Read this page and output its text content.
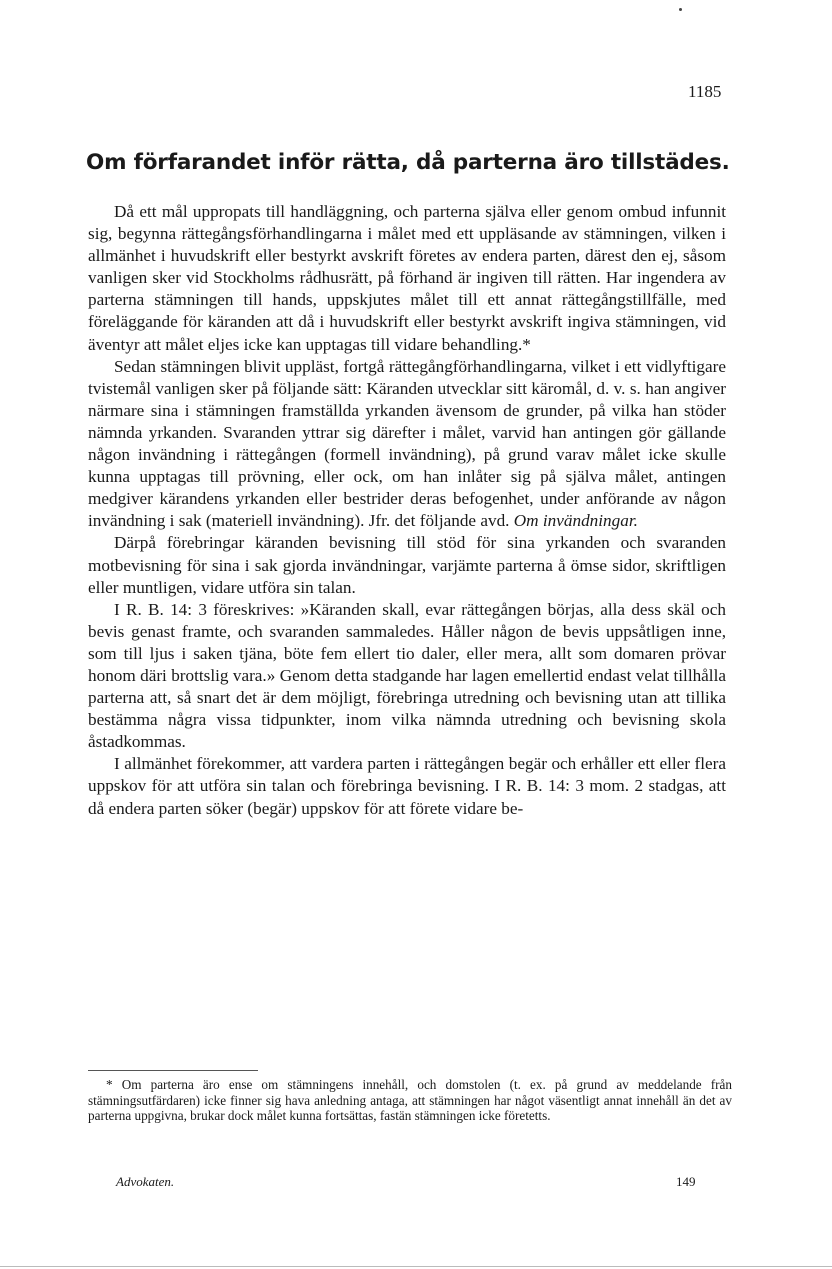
1185
Om förfarandet inför rätta, då parterna äro tillstädes.

Då ett mål uppropats till handläggning, och parterna själva eller genom ombud infunnit sig, begynna rättegångsförhandlingarna i målet med ett uppläsande av stämningen, vilken i allmänhet i huvudskrift eller bestyrkt avskrift företes av endera parten, därest den ej, såsom vanligen sker vid Stockholms rådhusrätt, på förhand är ingiven till rätten. Har ingendera av parterna stämningen till hands, uppskjutes målet till ett annat rättegångstillfälle, med föreläggande för käranden att då i huvudskrift eller bestyrkt avskrift ingiva stämningen, vid äventyr att målet eljes icke kan upptagas till vidare behandling.*

Sedan stämningen blivit uppläst, fortgå rättegångförhandlingarna, vilket i ett vidlyftigare tvistemål vanligen sker på följande sätt: Käranden utvecklar sitt käromål, d. v. s. han angiver närmare sina i stämningen framställda yrkanden ävensom de grunder, på vilka han stöder nämnda yrkanden. Svaranden yttrar sig därefter i målet, varvid han antingen gör gällande någon invändning i rättegången (formell invändning), på grund varav målet icke skulle kunna upptagas till prövning, eller ock, om han inlåter sig på själva målet, antingen medgiver kärandens yrkanden eller bestrider deras befogenhet, under anförande av någon invändning i sak (materiell invändning). Jfr. det följande avd. Om invändningar.

Därpå förebringar käranden bevisning till stöd för sina yrkanden och svaranden motbevisning för sina i sak gjorda invändningar, varjämte parterna å ömse sidor, skriftligen eller muntligen, vidare utföra sin talan.

I R. B. 14: 3 föreskrives: »Käranden skall, evar rättegången börjas, alla dess skäl och bevis genast framte, och svaranden sammaledes. Håller någon de bevis uppsåtligen inne, som till ljus i saken tjäna, böte fem ellert tio daler, eller mera, allt som domaren prövar honom däri brottslig vara.» Genom detta stadgande har lagen emellertid endast velat tillhålla parterna att, så snart det är dem möjligt, förebringa utredning och bevisning utan att tillika bestämma några vissa tidpunkter, inom vilka nämnda utredning och bevisning skola åstadkommas.

I allmänhet förekommer, att vardera parten i rättegången begär och erhåller ett eller flera uppskov för att utföra sin talan och förebringa bevisning. I R. B. 14: 3 mom. 2 stadgas, att då endera parten söker (begär) uppskov för att förete vidare be-

* Om parterna äro ense om stämningens innehåll, och domstolen (t. ex. på grund av meddelande från stämningsutfärdaren) icke finner sig hava anledning antaga, att stämningen har något väsentligt annat innehåll än det av parterna uppgivna, brukar dock målet kunna fortsättas, fastän stämningen icke företetts.

Advokaten.	149
